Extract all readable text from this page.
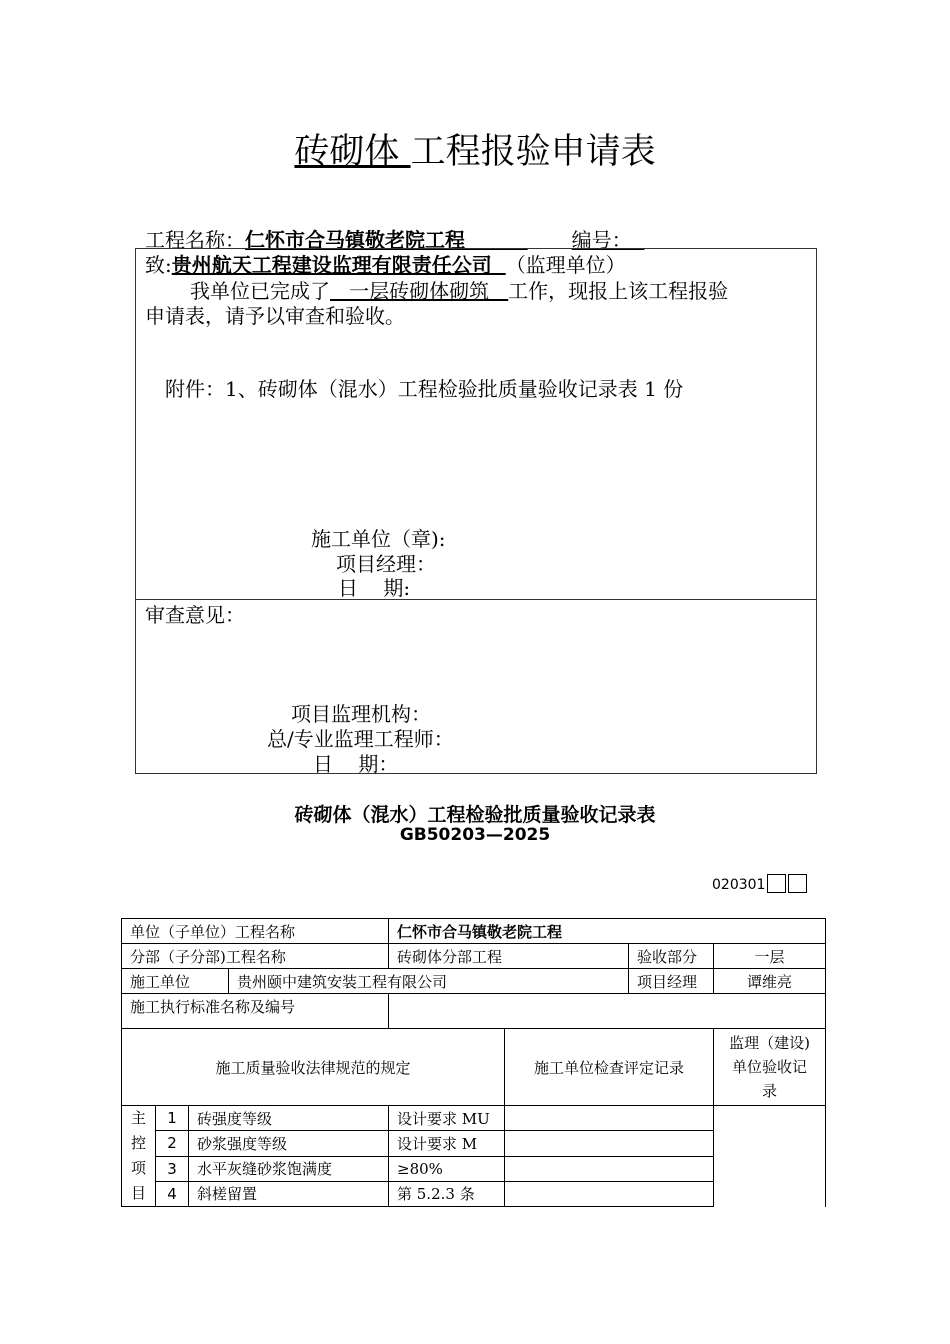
砖砌体 工程报验申请表
工程名称：仁怀市合马镇敬老院工程         编号：
致:贵州航天工程建设监理有限责任公司  （监理单位）
我单位已完成了   一层砖砌体砌筑   工作，现报上该工程报验
申请表，请予以审查和验收。
附件：1、砖砌体（混水）工程检验批质量验收记录表 1 份
施工单位（章):
项目经理：
日    期:
审查意见：
项目监理机构：
总/专业监理工程师：
日    期：
砖砌体（混水）工程检验批质量验收记录表
GB50203—2025
020301
单位（子单位）工程名称				仁怀市合马镇敬老院工程			
分部（子分部)工程名称				砖砌体分部工程		验收部分	一层
施工单位			贵州颐中建筑安装工程有限公司			项目经理	谭维亮
施工执行标准名称及编号							
施工质量验收法律规范的规定					施工单位检查评定记录		监理（建设)
单位验收记
录
主
控
项
目	1	砖强度等级		设计要求 MU			
	2	砂浆强度等级		设计要求 M			
	3	水平灰缝砂浆饱满度		≥80%			
	4	斜槎留置		第 5.2.3 条			
